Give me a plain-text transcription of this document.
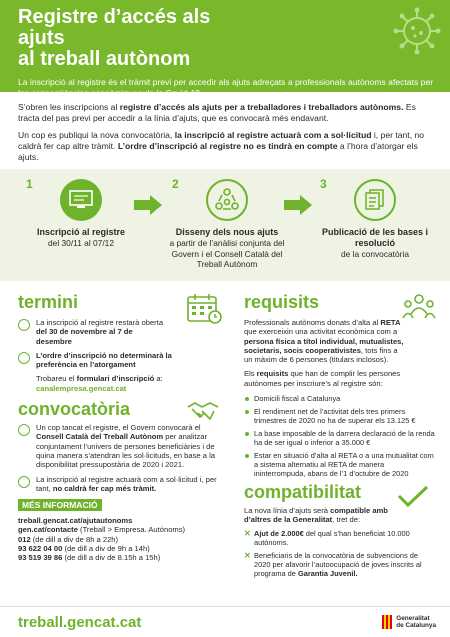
Registre d’accés als ajuts
al treball autònom

La inscripció al registre és el tràmit previ per accedir als ajuts adreçats a professionals autònoms afectats per les conseqüències econòmiques de la Covid-19

S’obren les inscripcions al registre d’accés als ajuts per a treballadores i treballadors autònoms. Es tracta del pas previ per accedir a la línia d’ajuts, que es convocarà més endavant.

Un cop es publiqui la nova convocatòria, la inscripció al registre actuarà com a sol·licitud i, per tant, no caldrà fer cap altre tràmit. L’ordre d’inscripció al registre no es tindrà en compte a l’hora d’atorgar els ajuts.

1
Inscripció al registre
del 30/11 al 07/12
2
Disseny dels nous ajuts
a partir de l’anàlisi conjunta del Govern i el Consell Català del Treball Autònom
3
Publicació de les bases i resolució
de la convocatòria
termini
La inscripció al registre restarà oberta del 30 de novembre al 7 de desembre
L’ordre d’inscripció no determinarà la preferència en l’atorgament
Trobareu el formulari d’inscripció a:
canalempresa.gencat.cat
convocatòria
Un cop tancat el registre, el Govern convocarà el Consell Català del Treball Autònom per analitzar conjuntament l’univers de persones beneficiàries i de quina manera s’atendran les sol·licituds, en base a la disponibilitat pressupostària de 2020 i 2021.
La inscripció al registre actuarà com a sol·licitud i, per tant, no caldrà fer cap més tràmit.
MÉS INFORMACIÓ
treball.gencat.cat/ajutautonoms
gen.cat/contacte (Treball > Empresa. Autònoms)
012 (de dill a div de 8h a 22h)
93 622 04 00 (de dill a div de 9h a 14h)
93 519 39 86 (de dill a div de 8.15h a 15h)
requisits
Professionals autònoms donats d’alta al RETA que exerceixin una activitat econòmica com a persona física a títol individual, mutualistes, societaris, socis cooperativistes, tots fins a un màxim de 6 persones (titulars inclosos).
Els requisits que han de complir les persones autònomes per inscriure’s al registre són:
Domicili fiscal a Catalunya
El rendiment net de l’activitat dels tres primers trimestres de 2020 no ha de superar els 13.125 €
La base imposable de la darrera declaració de la renda ha de ser igual o inferior a 35.000 €
Estar en situació d’alta al RETA o a una mutualitat com a sistema alternatiu al RETA de manera ininterrompuda, abans de l’1 d’octubre de 2020
compatibilitat
La nova línia d’ajuts serà compatible amb d’altres de la Generalitat, tret de:
✕ Ajut de 2.000€ del qual s’han beneficiat 10.000 autònoms.
✕ Beneficiaris de la convocatòria de subvencions de 2020 per afavorir l’autoocupació de joves inscrits al programa de Garantia Juvenil.
treball.gencat.cat	Generalitat
de Catalunya
